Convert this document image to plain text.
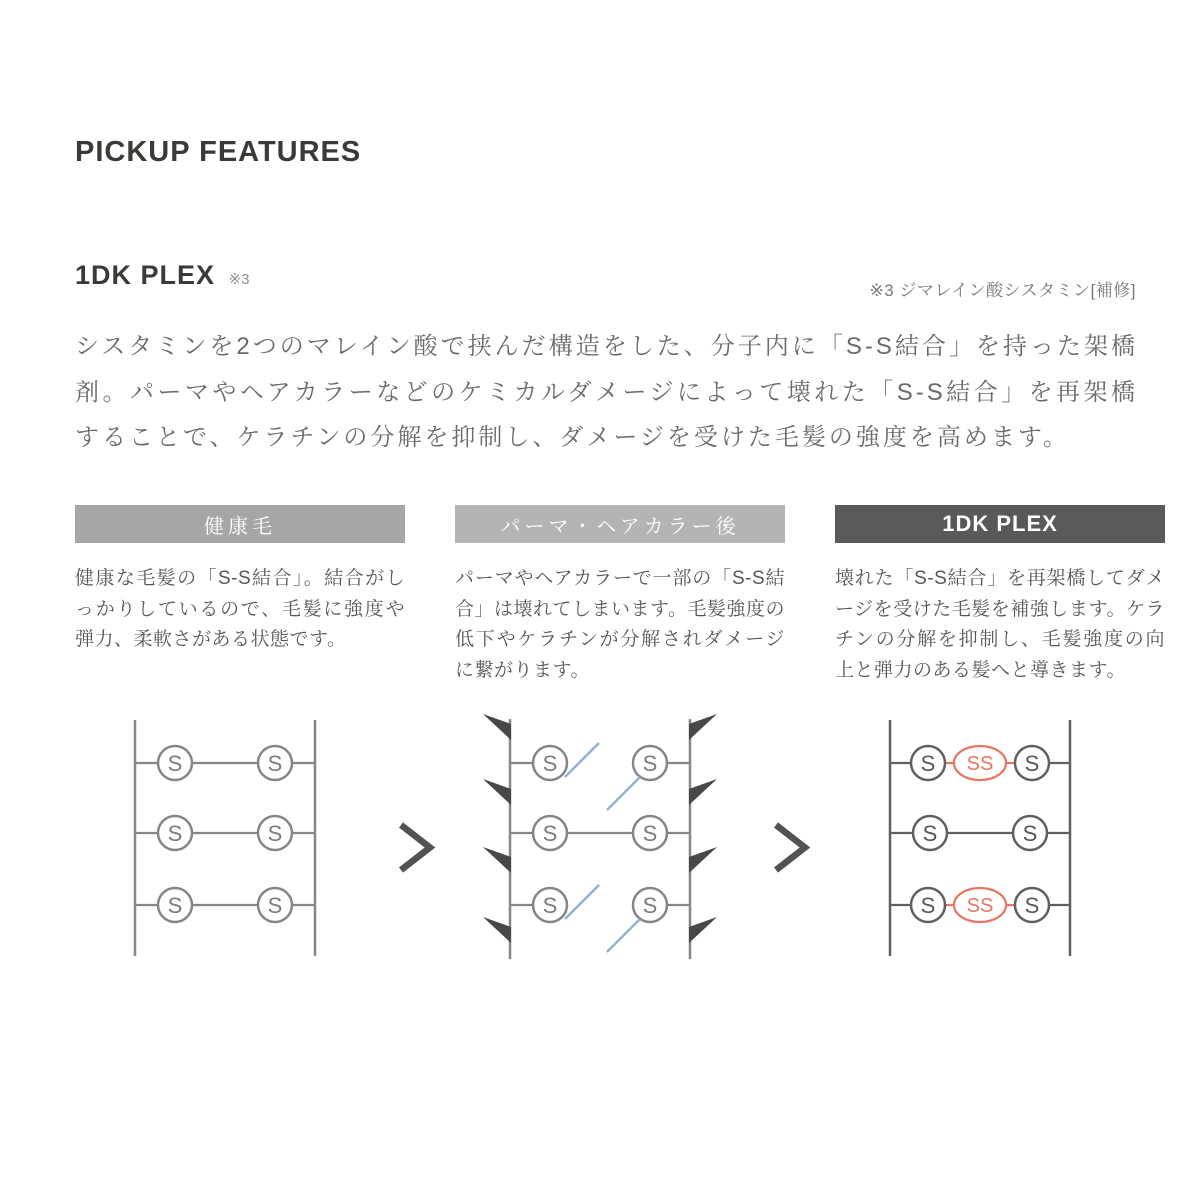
PICKUP FEATURES
1DK PLEX ※3
※3 ジマレイン酸シスタミン[補修]

シスタミンを2つのマレイン酸で挟んだ構造をした、分子内に「S-S結合」を持った架橋剤。パーマやヘアカラーなどのケミカルダメージによって壊れた「S-S結合」を再架橋することで、ケラチンの分解を抑制し、ダメージを受けた毛髪の強度を高めます。

健康毛

健康な毛髪の「S-S結合」。結合がしっかりしているので、毛髪に強度や弾力、柔軟さがある状態です。

パーマ・ヘアカラー後

パーマやヘアカラーで一部の「S-S結合」は壊れてしまいます。毛髪強度の低下やケラチンが分解されダメージに繋がります。

1DK PLEX

壊れた「S-S結合」を再架橋してダメージを受けた毛髪を補強します。ケラチンの分解を抑制し、毛髪強度の向上と弾力のある髪へと導きます。

S	S
S	S
S	S
S	S
S	S
S	S
S	S
SS
S	S
S	S
SS
